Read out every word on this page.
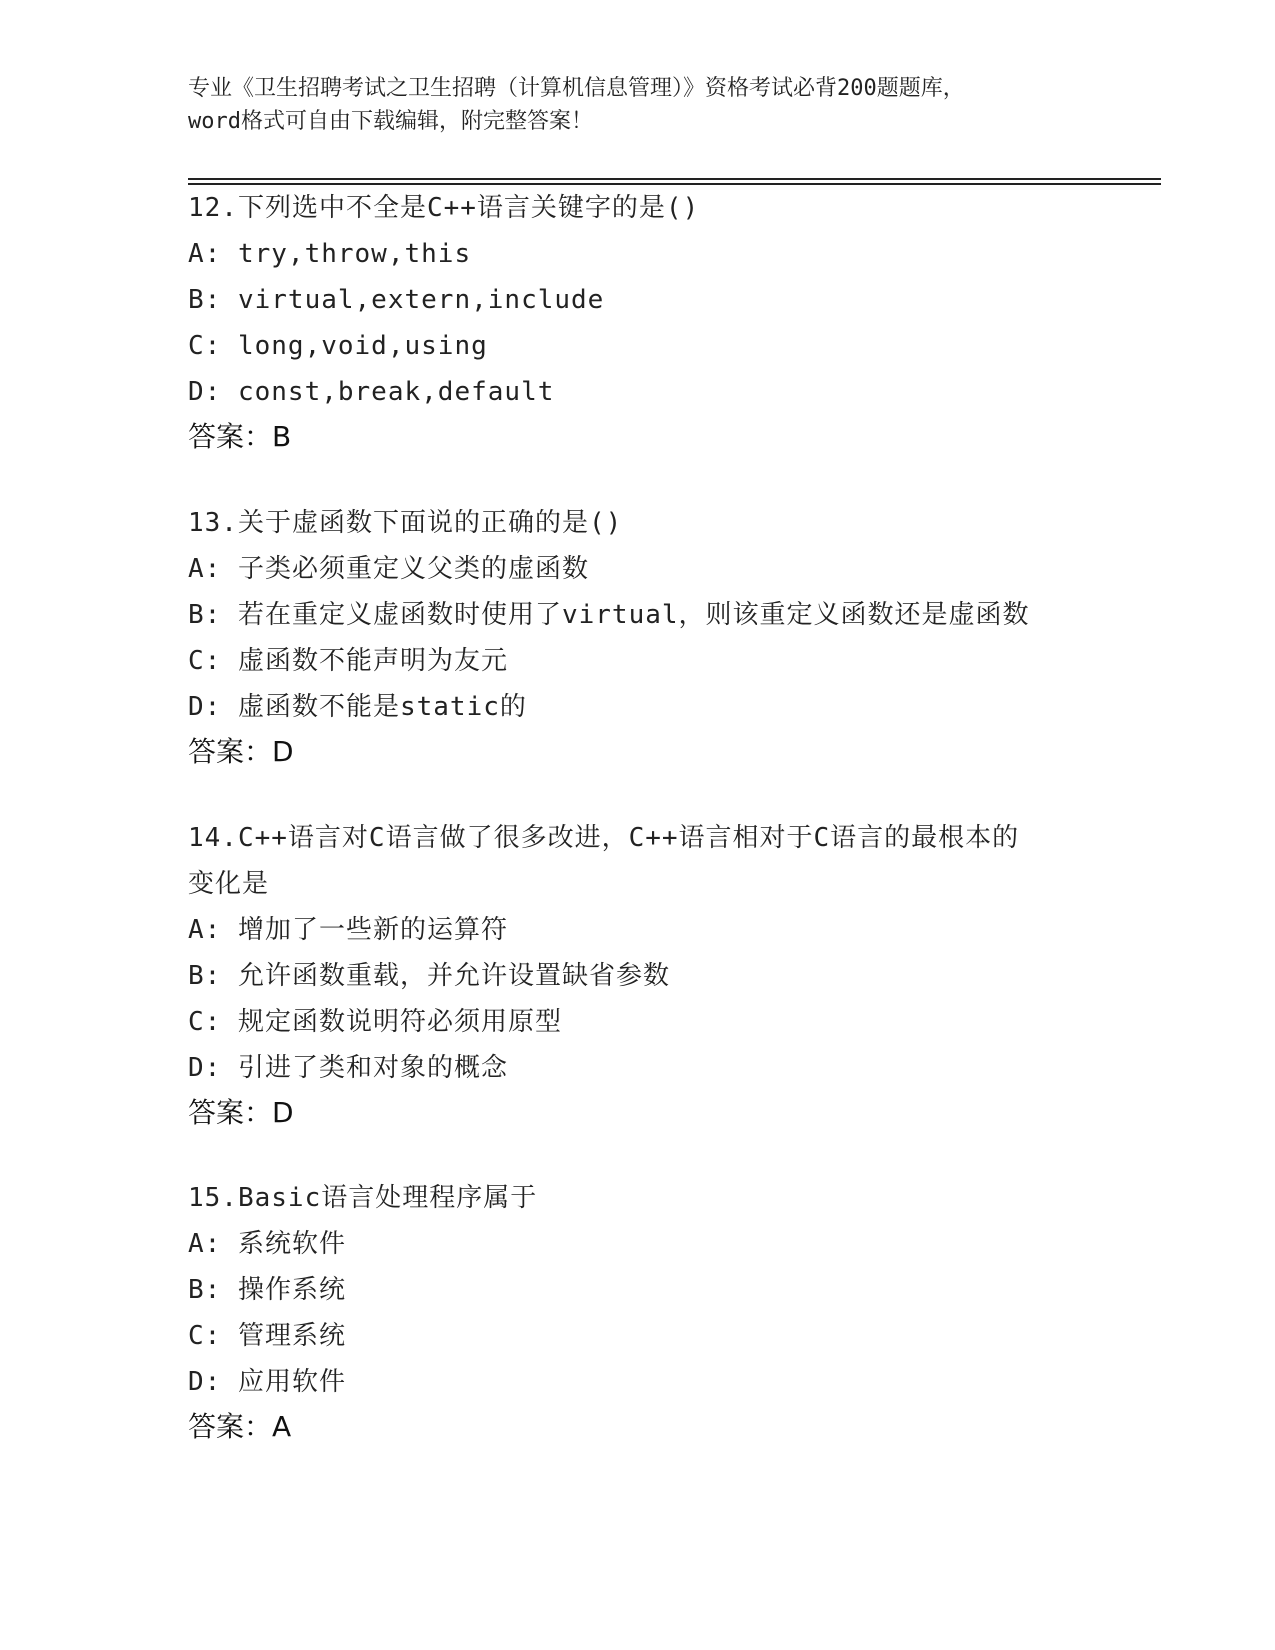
专业《卫生招聘考试之卫生招聘（计算机信息管理）》资格考试必背200题题库，
word格式可自由下载编辑，附完整答案！
12.下列选中不全是C++语言关键字的是()
A: try,throw,this
B: virtual,extern,include
C: long,void,using
D: const,break,default
答案：B
13.关于虚函数下面说的正确的是()
A: 子类必须重定义父类的虚函数
B: 若在重定义虚函数时使用了virtual，则该重定义函数还是虚函数
C: 虚函数不能声明为友元
D: 虚函数不能是static的
答案：D
14.C++语言对C语言做了很多改进，C++语言相对于C语言的最根本的
变化是
A: 增加了一些新的运算符
B: 允许函数重载，并允许设置缺省参数
C: 规定函数说明符必须用原型
D: 引进了类和对象的概念
答案：D
15.Basic语言处理程序属于
A: 系统软件
B: 操作系统
C: 管理系统
D: 应用软件
答案：A
